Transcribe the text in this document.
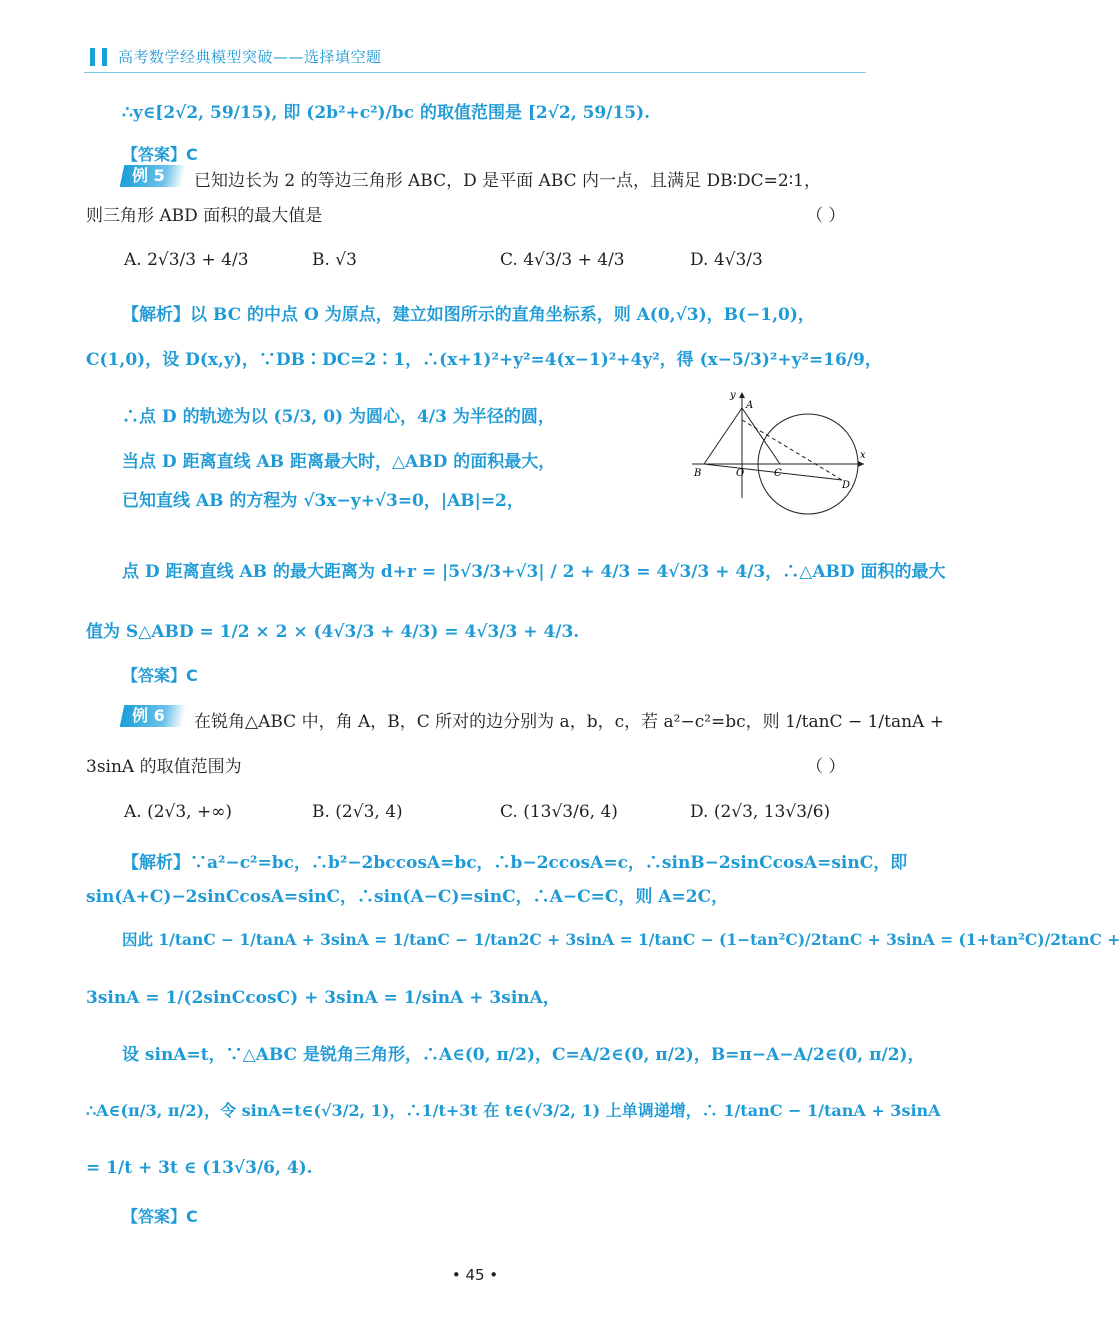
高考数学经典模型突破——选择填空题
∴y∈[2√2, 59/15), 即 (2b²+c²)/bc 的取值范围是 [2√2, 59/15).
【答案】C
例 5	已知边长为 2 的等边三角形 ABC，D 是平面 ABC 内一点，且满足 DB∶DC=2∶1，
则三角形 ABD 面积的最大值是	（ ）
A. 2√3/3 + 4/3	B. √3	C. 4√3/3 + 4/3	D. 4√3/3
【解析】以 BC 的中点 O 为原点，建立如图所示的直角坐标系，则 A(0,√3)，B(−1,0)，
C(1,0)，设 D(x,y)，∵DB∶DC=2∶1，∴(x+1)²+y²=4(x−1)²+4y²，得 (x−5/3)²+y²=16/9，
∴点 D 的轨迹为以 (5/3, 0) 为圆心，4/3 为半径的圆，
当点 D 距离直线 AB 距离最大时，△ABD 的面积最大，
已知直线 AB 的方程为 √3x−y+√3=0，|AB|=2，
点 D 距离直线 AB 的最大距离为 d+r = |5√3/3+√3| / 2 + 4/3 = 4√3/3 + 4/3，∴△ABD 面积的最大
值为 S△ABD = 1/2 × 2 × (4√3/3 + 4/3) = 4√3/3 + 4/3.
【答案】C
y
A
x
B	O	C
D
例 6	在锐角△ABC 中，角 A，B，C 所对的边分别为 a，b，c，若 a²−c²=bc，则 1/tanC − 1/tanA +
3sinA 的取值范围为	（ ）
A. (2√3, +∞)	B. (2√3, 4)	C. (13√3/6, 4)	D. (2√3, 13√3/6)
【解析】∵a²−c²=bc，∴b²−2bccosA=bc，∴b−2ccosA=c，∴sinB−2sinCcosA=sinC，即
sin(A+C)−2sinCcosA=sinC，∴sin(A−C)=sinC，∴A−C=C，则 A=2C，
因此 1/tanC − 1/tanA + 3sinA = 1/tanC − 1/tan2C + 3sinA = 1/tanC − (1−tan²C)/2tanC + 3sinA = (1+tan²C)/2tanC +
3sinA = 1/(2sinCcosC) + 3sinA = 1/sinA + 3sinA，
设 sinA=t，∵△ABC 是锐角三角形，∴A∈(0, π/2)，C=A/2∈(0, π/2)，B=π−A−A/2∈(0, π/2)，
∴A∈(π/3, π/2)，令 sinA=t∈(√3/2, 1)，∴1/t+3t 在 t∈(√3/2, 1) 上单调递增，∴ 1/tanC − 1/tanA + 3sinA
= 1/t + 3t ∈ (13√3/6, 4).
【答案】C
• 45 •
